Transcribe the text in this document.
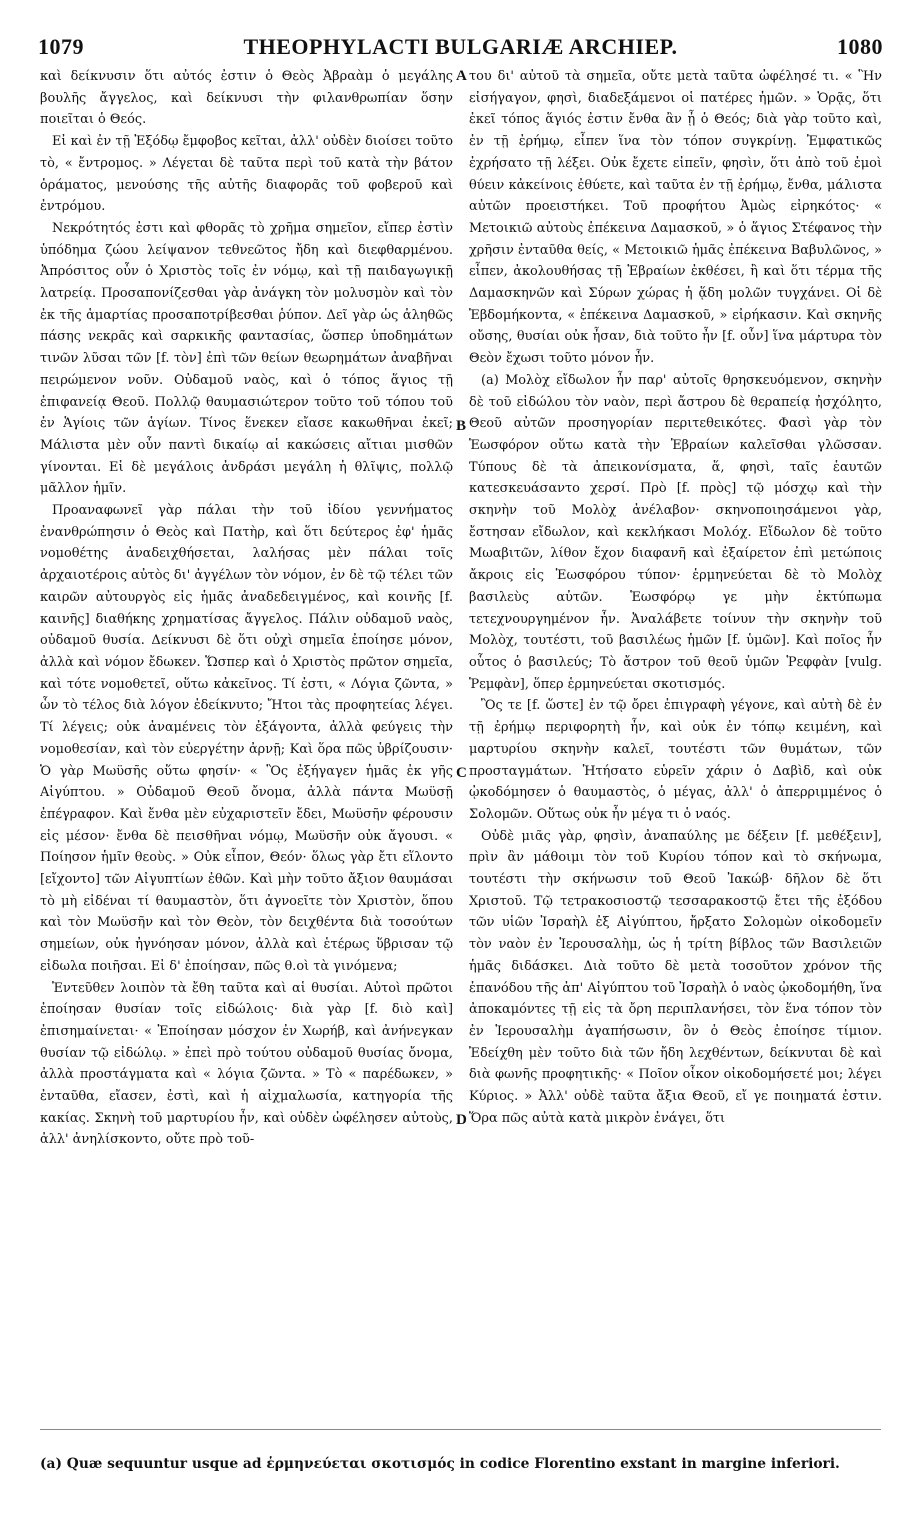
1079	THEOPHYLACTI BULGARIÆ ARCHIEP.	1080

καὶ δείκνυσιν ὅτι αὐτός ἐστιν ὁ Θεὸς Ἀβραὰμ ὁ μεγάλης βουλῆς ἄγγελος, καὶ δείκνυσι τὴν φιλανθρωπίαν ὅσην ποιεῖται ὁ Θεός.

Εἰ καὶ ἐν τῇ Ἐξόδῳ ἔμφοβος κεῖται, ἀλλ' οὐδὲν διοίσει τοῦτο τὸ, « ἔντρομος. » Λέγεται δὲ ταῦτα περὶ τοῦ κατὰ τὴν βάτον ὁράματος, μενούσης τῆς αὐτῆς διαφορᾶς τοῦ φοβεροῦ καὶ ἐντρόμου.

Νεκρότητός ἐστι καὶ φθορᾶς τὸ χρῆμα σημεῖον, εἴπερ ἐστὶν ὑπόδημα ζώου λείψανον τεθνεῶτος ἤδη καὶ διεφθαρμένου. Ἀπρόσιτος οὖν ὁ Χριστὸς τοῖς ἐν νόμῳ, καὶ τῇ παιδαγωγικῇ λατρείᾳ. Προσαπονίζεσθαι γὰρ ἀνάγκη τὸν μολυσμὸν καὶ τὸν ἐκ τῆς ἁμαρτίας προσαποτρίβεσθαι ῥύπον. Δεῖ γὰρ ὡς ἀληθῶς πάσης νεκρᾶς καὶ σαρκικῆς φαντασίας, ὥσπερ ὑποδημάτων τινῶν λῦσαι τῶν [f. τὸν] ἐπὶ τῶν θείων θεωρημάτων ἀναβῆναι πειρώμενον νοῦν. Οὐδαμοῦ ναὸς, καὶ ὁ τόπος ἅγιος τῇ ἐπιφανείᾳ Θεοῦ. Πολλῷ θαυμασιώτερον τοῦτο τοῦ τόπου τοῦ ἐν Ἁγίοις τῶν ἁγίων. Τίνος ἕνεκεν εἴασε κακωθῆναι ἐκεῖ; Μάλιστα μὲν οὖν παντὶ δικαίῳ αἱ κακώσεις αἴτιαι μισθῶν γίνονται. Εἰ δὲ μεγάλοις ἀνδράσι μεγάλη ἡ θλῖψις, πολλῷ μᾶλλον ἡμῖν.

Προαναφωνεῖ γὰρ πάλαι τὴν τοῦ ἰδίου γεννήματος ἐνανθρώπησιν ὁ Θεὸς καὶ Πατὴρ, καὶ ὅτι δεύτερος ἐφ' ἡμᾶς νομοθέτης ἀναδειχθήσεται, λαλήσας μὲν πάλαι τοῖς ἀρχαιοτέροις αὐτὸς δι' ἀγγέλων τὸν νόμον, ἐν δὲ τῷ τέλει τῶν καιρῶν αὐτουργὸς εἰς ἡμᾶς ἀναδεδειγμένος, καὶ κοινῆς [f. καινῆς] διαθήκης χρηματίσας ἄγγελος. Πάλιν οὐδαμοῦ ναὸς, οὐδαμοῦ θυσία. Δείκνυσι δὲ ὅτι οὐχὶ σημεῖα ἐποίησε μόνον, ἀλλὰ καὶ νόμον ἔδωκεν. Ὥσπερ καὶ ὁ Χριστὸς πρῶτον σημεῖα, καὶ τότε νομοθετεῖ, οὕτω κἀκεῖνος. Τί ἐστι, « Λόγια ζῶντα, » ὧν τὸ τέλος διὰ λόγον ἐδείκνυτο; Ἤτοι τὰς προφητείας λέγει. Τί λέγεις; οὐκ ἀναμένεις τὸν ἐξάγοντα, ἀλλὰ φεύγεις τὴν νομοθεσίαν, καὶ τὸν εὐεργέτην ἀρνῇ; Καὶ ὅρα πῶς ὑβρίζουσιν· Ὁ γὰρ Μωϋσῆς οὕτω φησίν· « Ὃς ἐξήγαγεν ἡμᾶς ἐκ γῆς Αἰγύπτου. » Οὐδαμοῦ Θεοῦ ὄνομα, ἀλλὰ πάντα Μωϋσῇ ἐπέγραφον. Καὶ ἔνθα μὲν εὐχαριστεῖν ἔδει, Μωϋσῆν φέρουσιν εἰς μέσον· ἔνθα δὲ πεισθῆναι νόμῳ, Μωϋσῆν οὐκ ἄγουσι. « Ποίησον ἡμῖν θεοὺς. » Οὐκ εἶπον, Θεόν· ὅλως γὰρ ἔτι εἵλοντο [εἴχοντο] τῶν Αἰγυπτίων ἐθῶν. Καὶ μὴν τοῦτο ἄξιον θαυμάσαι τὸ μὴ εἰδέναι τί θαυμαστὸν, ὅτι ἀγνοεῖτε τὸν Χριστὸν, ὅπου καὶ τὸν Μωϋσῆν καὶ τὸν Θεὸν, τὸν δειχθέντα διὰ τοσούτων σημείων, οὐκ ἠγνόησαν μόνον, ἀλλὰ καὶ ἑτέρως ὕβρισαν τῷ εἰδωλα ποιῆσαι. Εἰ δ' ἐποίησαν, πῶς θ.οὶ τὰ γινόμενα;

Ἐντεῦθεν λοιπὸν τὰ ἔθη ταῦτα καὶ αἱ θυσίαι. Αὐτοὶ πρῶτοι ἐποίησαν θυσίαν τοῖς εἰδώλοις· διὰ γὰρ [f. διὸ καὶ] ἐπισημαίνεται· « Ἐποίησαν μόσχον ἐν Χωρήβ, καὶ ἀνήνεγκαν θυσίαν τῷ εἰδώλῳ. » ἐπεὶ πρὸ τούτου οὐδαμοῦ θυσίας ὄνομα, ἀλλὰ προστάγματα καὶ « λόγια ζῶντα. » Τὸ « παρέδωκεν, » ἐνταῦθα, εἴασεν, ἐστὶ, καὶ ἡ αἰχμαλωσία, κατηγορία τῆς κακίας. Σκηνὴ τοῦ μαρτυρίου ἦν, καὶ οὐδὲν ὠφέλησεν αὐτοὺς, ἀλλ' ἀνηλίσκοντο, οὔτε πρὸ τοῦ-

A
B
C
D

του δι' αὐτοῦ τὰ σημεῖα, οὔτε μετὰ ταῦτα ὠφέλησέ τι. « Ἣν εἰσήγαγον, φησὶ, διαδεξάμενοι οἱ πατέρες ἡμῶν. » Ὁρᾷς, ὅτι ἐκεῖ τόπος ἅγιός ἐστιν ἔνθα ἂν ᾖ ὁ Θεός; διὰ γὰρ τοῦτο καὶ, ἐν τῇ ἐρήμῳ, εἶπεν ἵνα τὸν τόπον συγκρίνῃ. Ἐμφατικῶς ἐχρήσατο τῇ λέξει. Οὐκ ἔχετε εἰπεῖν, φησὶν, ὅτι ἀπὸ τοῦ ἐμοὶ θύειν κἀκείνοις ἐθύετε, καὶ ταῦτα ἐν τῇ ἐρήμῳ, ἔνθα, μάλιστα αὐτῶν προειστήκει. Τοῦ προφήτου Ἀμὼς εἰρηκότος· « Μετοικιῶ αὐτοὺς ἐπέκεινα Δαμασκοῦ, » ὁ ἅγιος Στέφανος τὴν χρῆσιν ἐνταῦθα θείς, « Μετοικιῶ ἡμᾶς ἐπέκεινα Βαβυλῶνος, » εἶπεν, ἀκολουθήσας τῇ Ἑβραίων ἐκθέσει, ἢ καὶ ὅτι τέρμα τῆς Δαμασκηνῶν καὶ Σύρων χώρας ἡ ᾅδη μολῶν τυγχάνει. Οἱ δὲ Ἑβδομήκοντα, « ἐπέκεινα Δαμασκοῦ, » εἰρήκασιν. Καὶ σκηνῆς οὔσης, θυσίαι οὐκ ἦσαν, διὰ τοῦτο ἦν [f. οὖν] ἵνα μάρτυρα τὸν Θεὸν ἔχωσι τοῦτο μόνον ἦν.

(a) Μολὸχ εἴδωλον ἦν παρ' αὐτοῖς θρησκευόμενον, σκηνὴν δὲ τοῦ εἰδώλου τὸν ναὸν, περὶ ἄστρου δὲ θεραπείᾳ ἠσχόλητο, Θεοῦ αὐτῶν προσηγορίαν περιτεθεικότες. Φασὶ γὰρ τὸν Ἑωσφόρον οὕτω κατὰ τὴν Ἑβραίων καλεῖσθαι γλῶσσαν. Τύπους δὲ τὰ ἀπεικονίσματα, ἅ, φησὶ, ταῖς ἑαυτῶν κατεσκευάσαντο χερσί. Πρὸ [f. πρὸς] τῷ μόσχῳ καὶ τὴν σκηνὴν τοῦ Μολὸχ ἀνέλαβον· σκηνοποιησάμενοι γὰρ, ἔστησαν εἴδωλον, καὶ κεκλήκασι Μολόχ. Εἴδωλον δὲ τοῦτο Μωαβιτῶν, λίθον ἔχον διαφανῆ καὶ ἐξαίρετον ἐπὶ μετώποις ἄκροις εἰς Ἑωσφόρου τύπον· ἑρμηνεύεται δὲ τὸ Μολὸχ βασιλεὺς αὐτῶν. Ἑωσφόρῳ γε μὴν ἐκτύπωμα τετεχνουργημένον ἦν. Ἀναλάβετε τοίνυν τὴν σκηνὴν τοῦ Μολὸχ, τουτέστι, τοῦ βασιλέως ἡμῶν [f. ὑμῶν]. Καὶ ποῖος ἦν οὗτος ὁ βασιλεύς; Τὸ ἄστρον τοῦ θεοῦ ὑμῶν Ῥεφφὰν [vulg. Ῥεμφὰν], ὅπερ ἑρμηνεύεται σκοτισμός.

Ὃς τε [f. ὥστε] ἐν τῷ ὄρει ἐπιγραφὴ γέγονε, καὶ αὐτὴ δὲ ἐν τῇ ἐρήμῳ περιφορητὴ ἦν, καὶ οὐκ ἐν τόπῳ κειμένη, καὶ μαρτυρίου σκηνὴν καλεῖ, τουτέστι τῶν θυμάτων, τῶν προσταγμάτων. Ἠτήσατο εὑρεῖν χάριν ὁ Δαβὶδ, καὶ οὐκ ᾠκοδόμησεν ὁ θαυμαστὸς, ὁ μέγας, ἀλλ' ὁ ἀπερριμμένος ὁ Σολομῶν. Οὕτως οὐκ ἦν μέγα τι ὁ ναός.

Οὐδὲ μιᾶς γὰρ, φησὶν, ἀναπαύλης με δέξειν [f. μεθέξειν], πρὶν ἂν μάθοιμι τὸν τοῦ Κυρίου τόπον καὶ τὸ σκήνωμα, τουτέστι τὴν σκήνωσιν τοῦ Θεοῦ Ἰακώβ· δῆλον δὲ ὅτι Χριστοῦ. Τῷ τετρακοσιοστῷ τεσσαρακοστῷ ἔτει τῆς ἐξόδου τῶν υἱῶν Ἰσραὴλ ἐξ Αἰγύπτου, ἤρξατο Σολομὼν οἰκοδομεῖν τὸν ναὸν ἐν Ἱερουσαλὴμ, ὡς ἡ τρίτη βίβλος τῶν Βασιλειῶν ἡμᾶς διδάσκει. Διὰ τοῦτο δὲ μετὰ τοσοῦτον χρόνον τῆς ἐπανόδου τῆς ἀπ' Αἰγύπτου τοῦ Ἰσραὴλ ὁ ναὸς ᾠκοδομήθη, ἵνα ἀποκαμόντες τῇ εἰς τὰ ὄρη περιπλανήσει, τὸν ἕνα τόπον τὸν ἐν Ἱερουσαλὴμ ἀγαπήσωσιν, ὃν ὁ Θεὸς ἐποίησε τίμιον. Ἐδείχθη μὲν τοῦτο διὰ τῶν ἤδη λεχθέντων, δείκνυται δὲ καὶ διὰ φωνῆς προφητικῆς· « Ποῖον οἶκον οἰκοδομήσετέ μοι; λέγει Κύριος. » Ἀλλ' οὐδὲ ταῦτα ἄξια Θεοῦ, εἴ γε ποιηματά ἐστιν. Ὅρα πῶς αὐτὰ κατὰ μικρὸν ἐνάγει, ὅτι

(a) Quæ sequuntur usque ad ἑρμηνεύεται σκοτισμός in codice Florentino exstant in margine inferiori.
